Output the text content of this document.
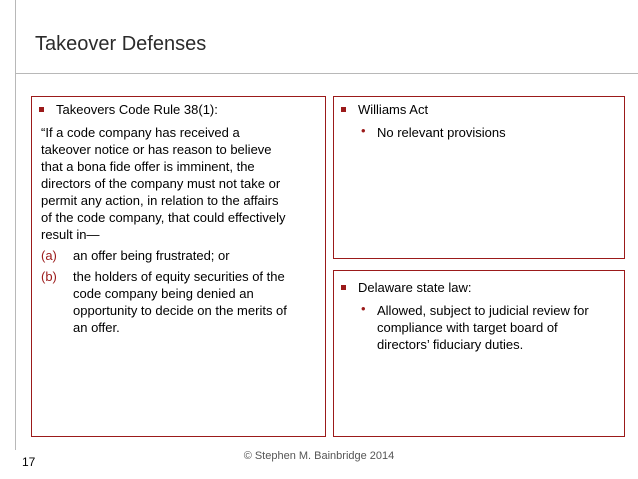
Takeover Defenses
Takeovers Code Rule 38(1):
“If a code company has received a
takeover notice or has reason to believe
that a bona fide offer is imminent, the
directors of the company must not take or
permit any action, in relation to the affairs
of the code company, that could effectively
result in—
(a) an offer being frustrated; or
(b) the holders of equity securities of the
code company being denied an
opportunity to decide on the merits of
an offer.
Williams Act
• No relevant provisions
Delaware state law:
• Allowed, subject to judicial review for
compliance with target board of
directors’ fiduciary duties.
© Stephen M. Bainbridge 2014
17
